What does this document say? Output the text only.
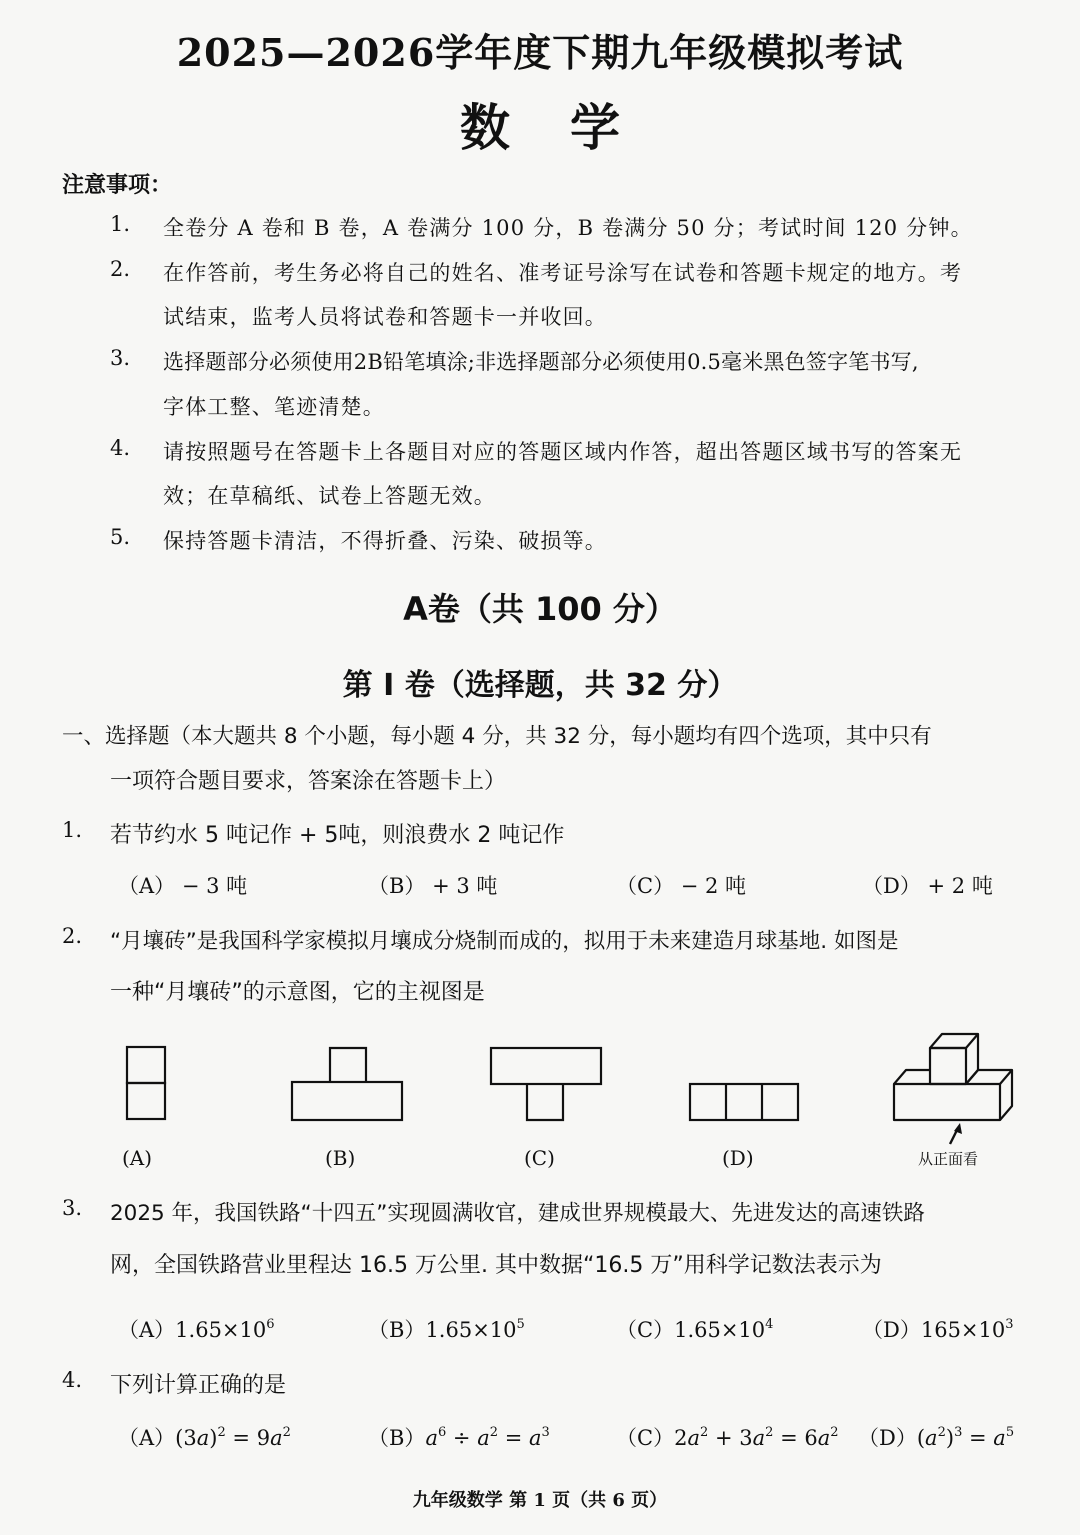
2025—2026学年度下期九年级模拟考试
数学
注意事项：
1. 全卷分 A 卷和 B 卷，A 卷满分 100 分，B 卷满分 50 分；考试时间 120 分钟。
2. 在作答前，考生务必将自己的姓名、准考证号涂写在试卷和答题卡规定的地方。考
试结束，监考人员将试卷和答题卡一并收回。
3. 选择题部分必须使用2B铅笔填涂;非选择题部分必须使用0.5毫米黑色签字笔书写,
字体工整、笔迹清楚。
4. 请按照题号在答题卡上各题目对应的答题区域内作答，超出答题区域书写的答案无
效；在草稿纸、试卷上答题无效。
5. 保持答题卡清洁，不得折叠、污染、破损等。
A卷（共 100 分）
第 I 卷（选择题，共 32 分）
一、选择题（本大题共 8 个小题，每小题 4 分，共 32 分，每小题均有四个选项，其中只有
一项符合题目要求，答案涂在答题卡上）
1. 若节约水 5 吨记作 + 5吨，则浪费水 2 吨记作
（A） − 3 吨	（B） + 3 吨	（C） − 2 吨	（D） + 2 吨
2. “月壤砖”是我国科学家模拟月壤成分烧制而成的，拟用于未来建造月球基地. 如图是
一种“月壤砖”的示意图，它的主视图是
从正面看
(A)	(B)	(C)	(D)
3. 2025 年，我国铁路“十四五”实现圆满收官，建成世界规模最大、先进发达的高速铁路
网，全国铁路营业里程达 16.5 万公里. 其中数据“16.5 万”用科学记数法表示为
$(A)1.65\times 10^6$	$(B)1.65\times 10^5$	$(C)1.65\times 10^4$	$(D)165\times 10^3$
4. 下列计算正确的是
$(A)(3a)^2 = 9a^2$	$(B)a^6 \div a^2 = a^3$	$(C)2a^2 + 3a^2 = 6a^2$ $(D)(a^2)^3 = a^5$
九年级数学 第 1 页（共 6 页）
